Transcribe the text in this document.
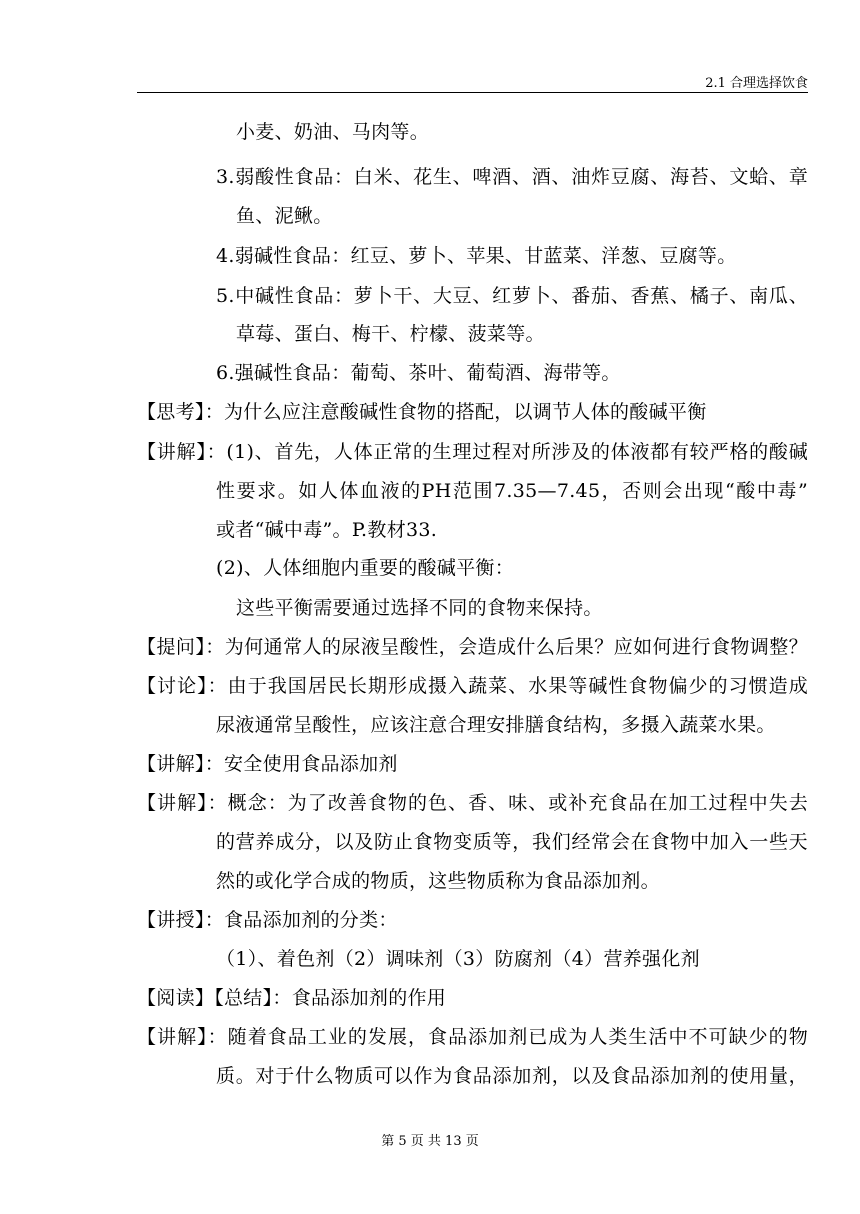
2.1 合理选择饮食
小麦、奶油、马肉等。
3.弱酸性食品：白米、花生、啤酒、酒、油炸豆腐、海苔、文蛤、章
鱼、泥鳅。
4.弱碱性食品：红豆、萝卜、苹果、甘蓝菜、洋葱、豆腐等。
5.中碱性食品：萝卜干、大豆、红萝卜、番茄、香蕉、橘子、南瓜、
草莓、蛋白、梅干、柠檬、菠菜等。
6.强碱性食品：葡萄、茶叶、葡萄酒、海带等。
【思考】：为什么应注意酸碱性食物的搭配，以调节人体的酸碱平衡
【讲解】：(1)、首先，人体正常的生理过程对所涉及的体液都有较严格的酸碱
性要求。如人体血液的PH范围7.35—7.45，否则会出现“酸中毒”
或者“碱中毒”。P.教材33.
(2)、人体细胞内重要的酸碱平衡：
这些平衡需要通过选择不同的食物来保持。
【提问】：为何通常人的尿液呈酸性，会造成什么后果？应如何进行食物调整？
【讨论】：由于我国居民长期形成摄入蔬菜、水果等碱性食物偏少的习惯造成
尿液通常呈酸性，应该注意合理安排膳食结构，多摄入蔬菜水果。
【讲解】：安全使用食品添加剂
【讲解】：概念：为了改善食物的色、香、味、或补充食品在加工过程中失去
的营养成分，以及防止食物变质等，我们经常会在食物中加入一些天
然的或化学合成的物质，这些物质称为食品添加剂。
【讲授】：食品添加剂的分类：
（1）、着色剂（2）调味剂（3）防腐剂（4）营养强化剂
【阅读】【总结】：食品添加剂的作用
【讲解】：随着食品工业的发展，食品添加剂已成为人类生活中不可缺少的物
质。对于什么物质可以作为食品添加剂，以及食品添加剂的使用量，
第 5 页 共 13 页
